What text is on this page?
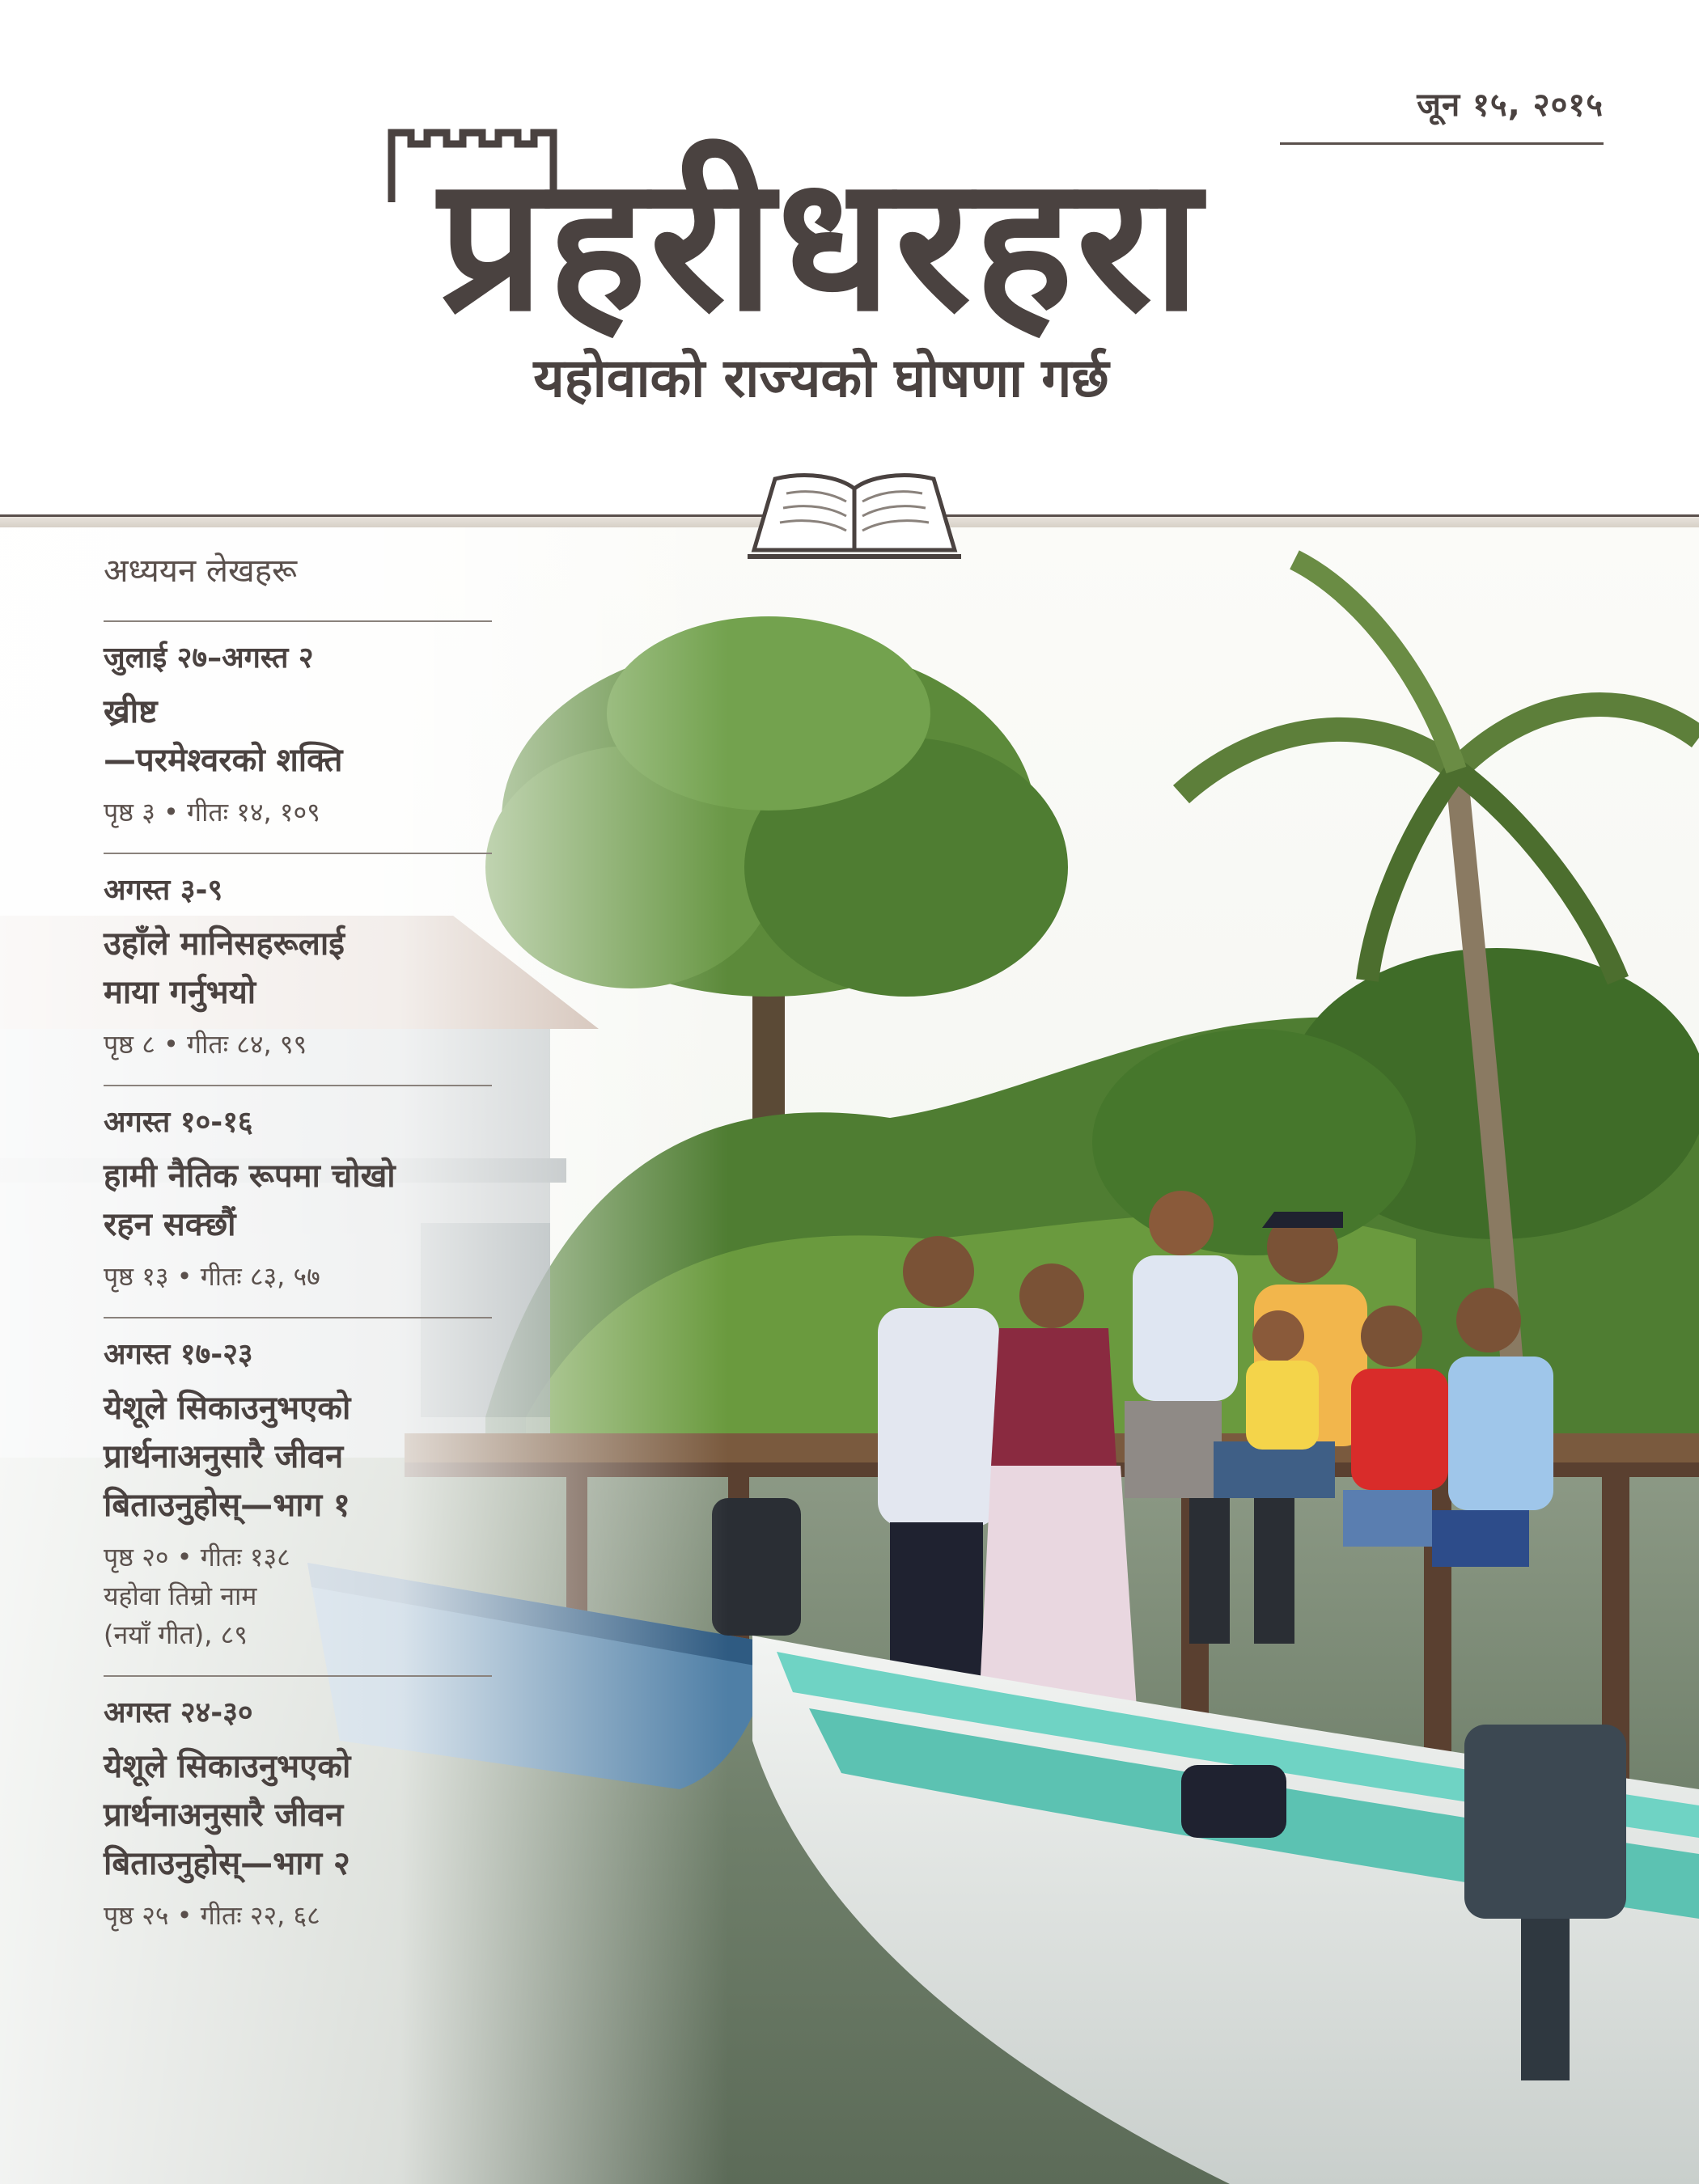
जून १५, २०१५
प्रहरीधरहरा
यहोवाको राज्यको घोषणा गर्छ
अध्ययन लेखहरू
जुलाई २७–अगस्त २
ख्रीष्ट
—परमेश्वरको शक्ति
पृष्ठ ३ • गीतः १४, १०९
अगस्त ३-९
उहाँले मानिसहरूलाई
माया गर्नुभयो
पृष्ठ ८ • गीतः ८४, ९९
अगस्त १०-१६
हामी नैतिक रूपमा चोखो
रहन सक्छौं
पृष्ठ १३ • गीतः ८३, ५७
अगस्त १७-२३
येशूले सिकाउनुभएको
प्रार्थनाअनुसारै जीवन
बिताउनुहोस्—भाग १
पृष्ठ २० • गीतः १३८
यहोवा तिम्रो नाम
(नयाँ गीत), ८९
अगस्त २४-३०
येशूले सिकाउनुभएको
प्रार्थनाअनुसारै जीवन
बिताउनुहोस्—भाग २
पृष्ठ २५ • गीतः २२, ६८
